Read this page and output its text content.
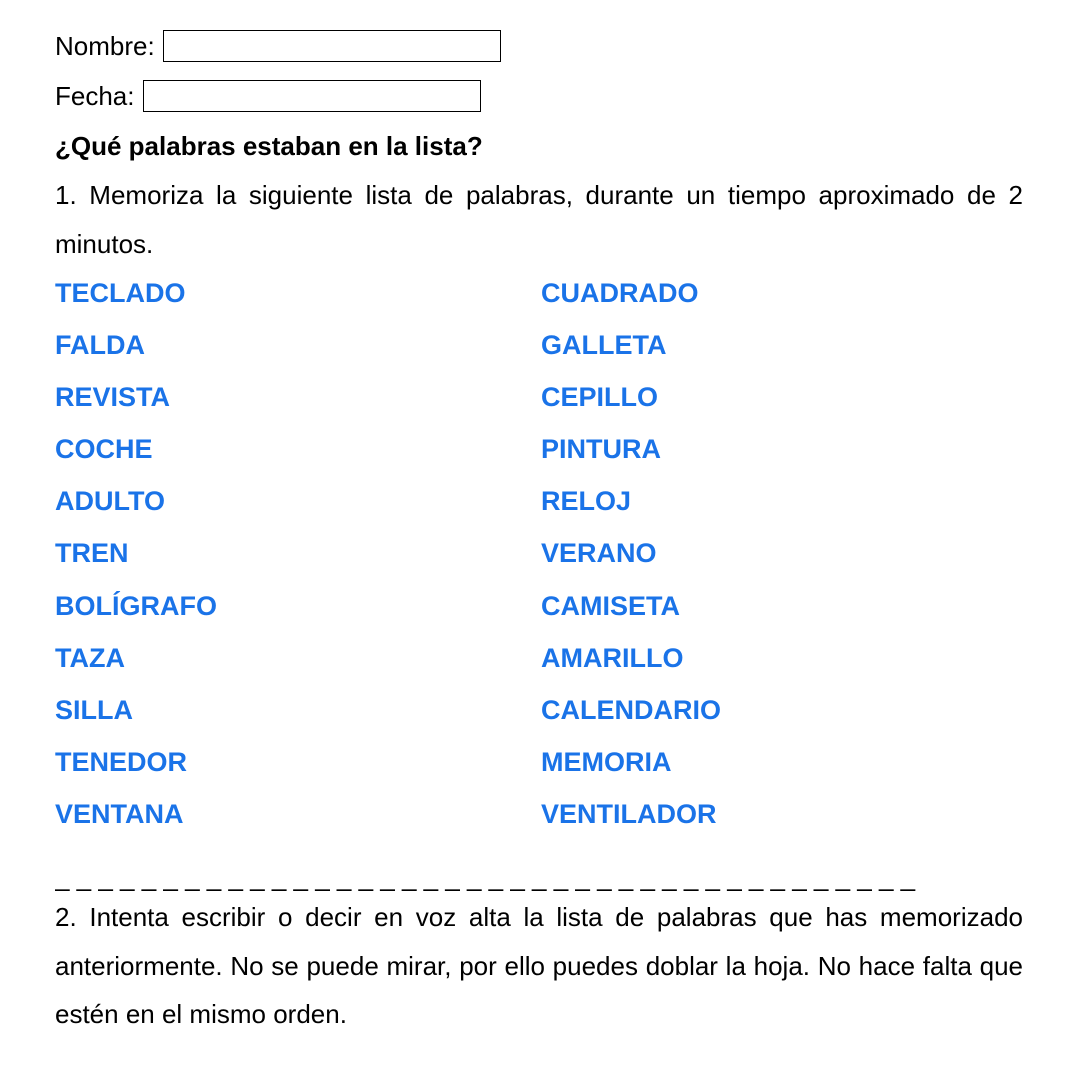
Nombre:
Fecha:
¿Qué palabras estaban en la lista?
1. Memoriza la siguiente lista de palabras, durante un tiempo aproximado de 2 minutos.
TECLADO
FALDA
REVISTA
COCHE
ADULTO
TREN
BOLÍGRAFO
TAZA
SILLA
TENEDOR
VENTANA
CUADRADO
GALLETA
CEPILLO
PINTURA
RELOJ
VERANO
CAMISETA
AMARILLO
CALENDARIO
MEMORIA
VENTILADOR
_ _ _ _ _ _ _ _ _ _ _ _ _ _ _ _ _ _ _ _ _ _ _ _ _ _ _ _ _ _ _ _ _ _ _ _ _ _ _ _
2. Intenta escribir o decir en voz alta la lista de palabras que has memorizado anteriormente. No se puede mirar, por ello puedes doblar la hoja. No hace falta que estén en el mismo orden.
